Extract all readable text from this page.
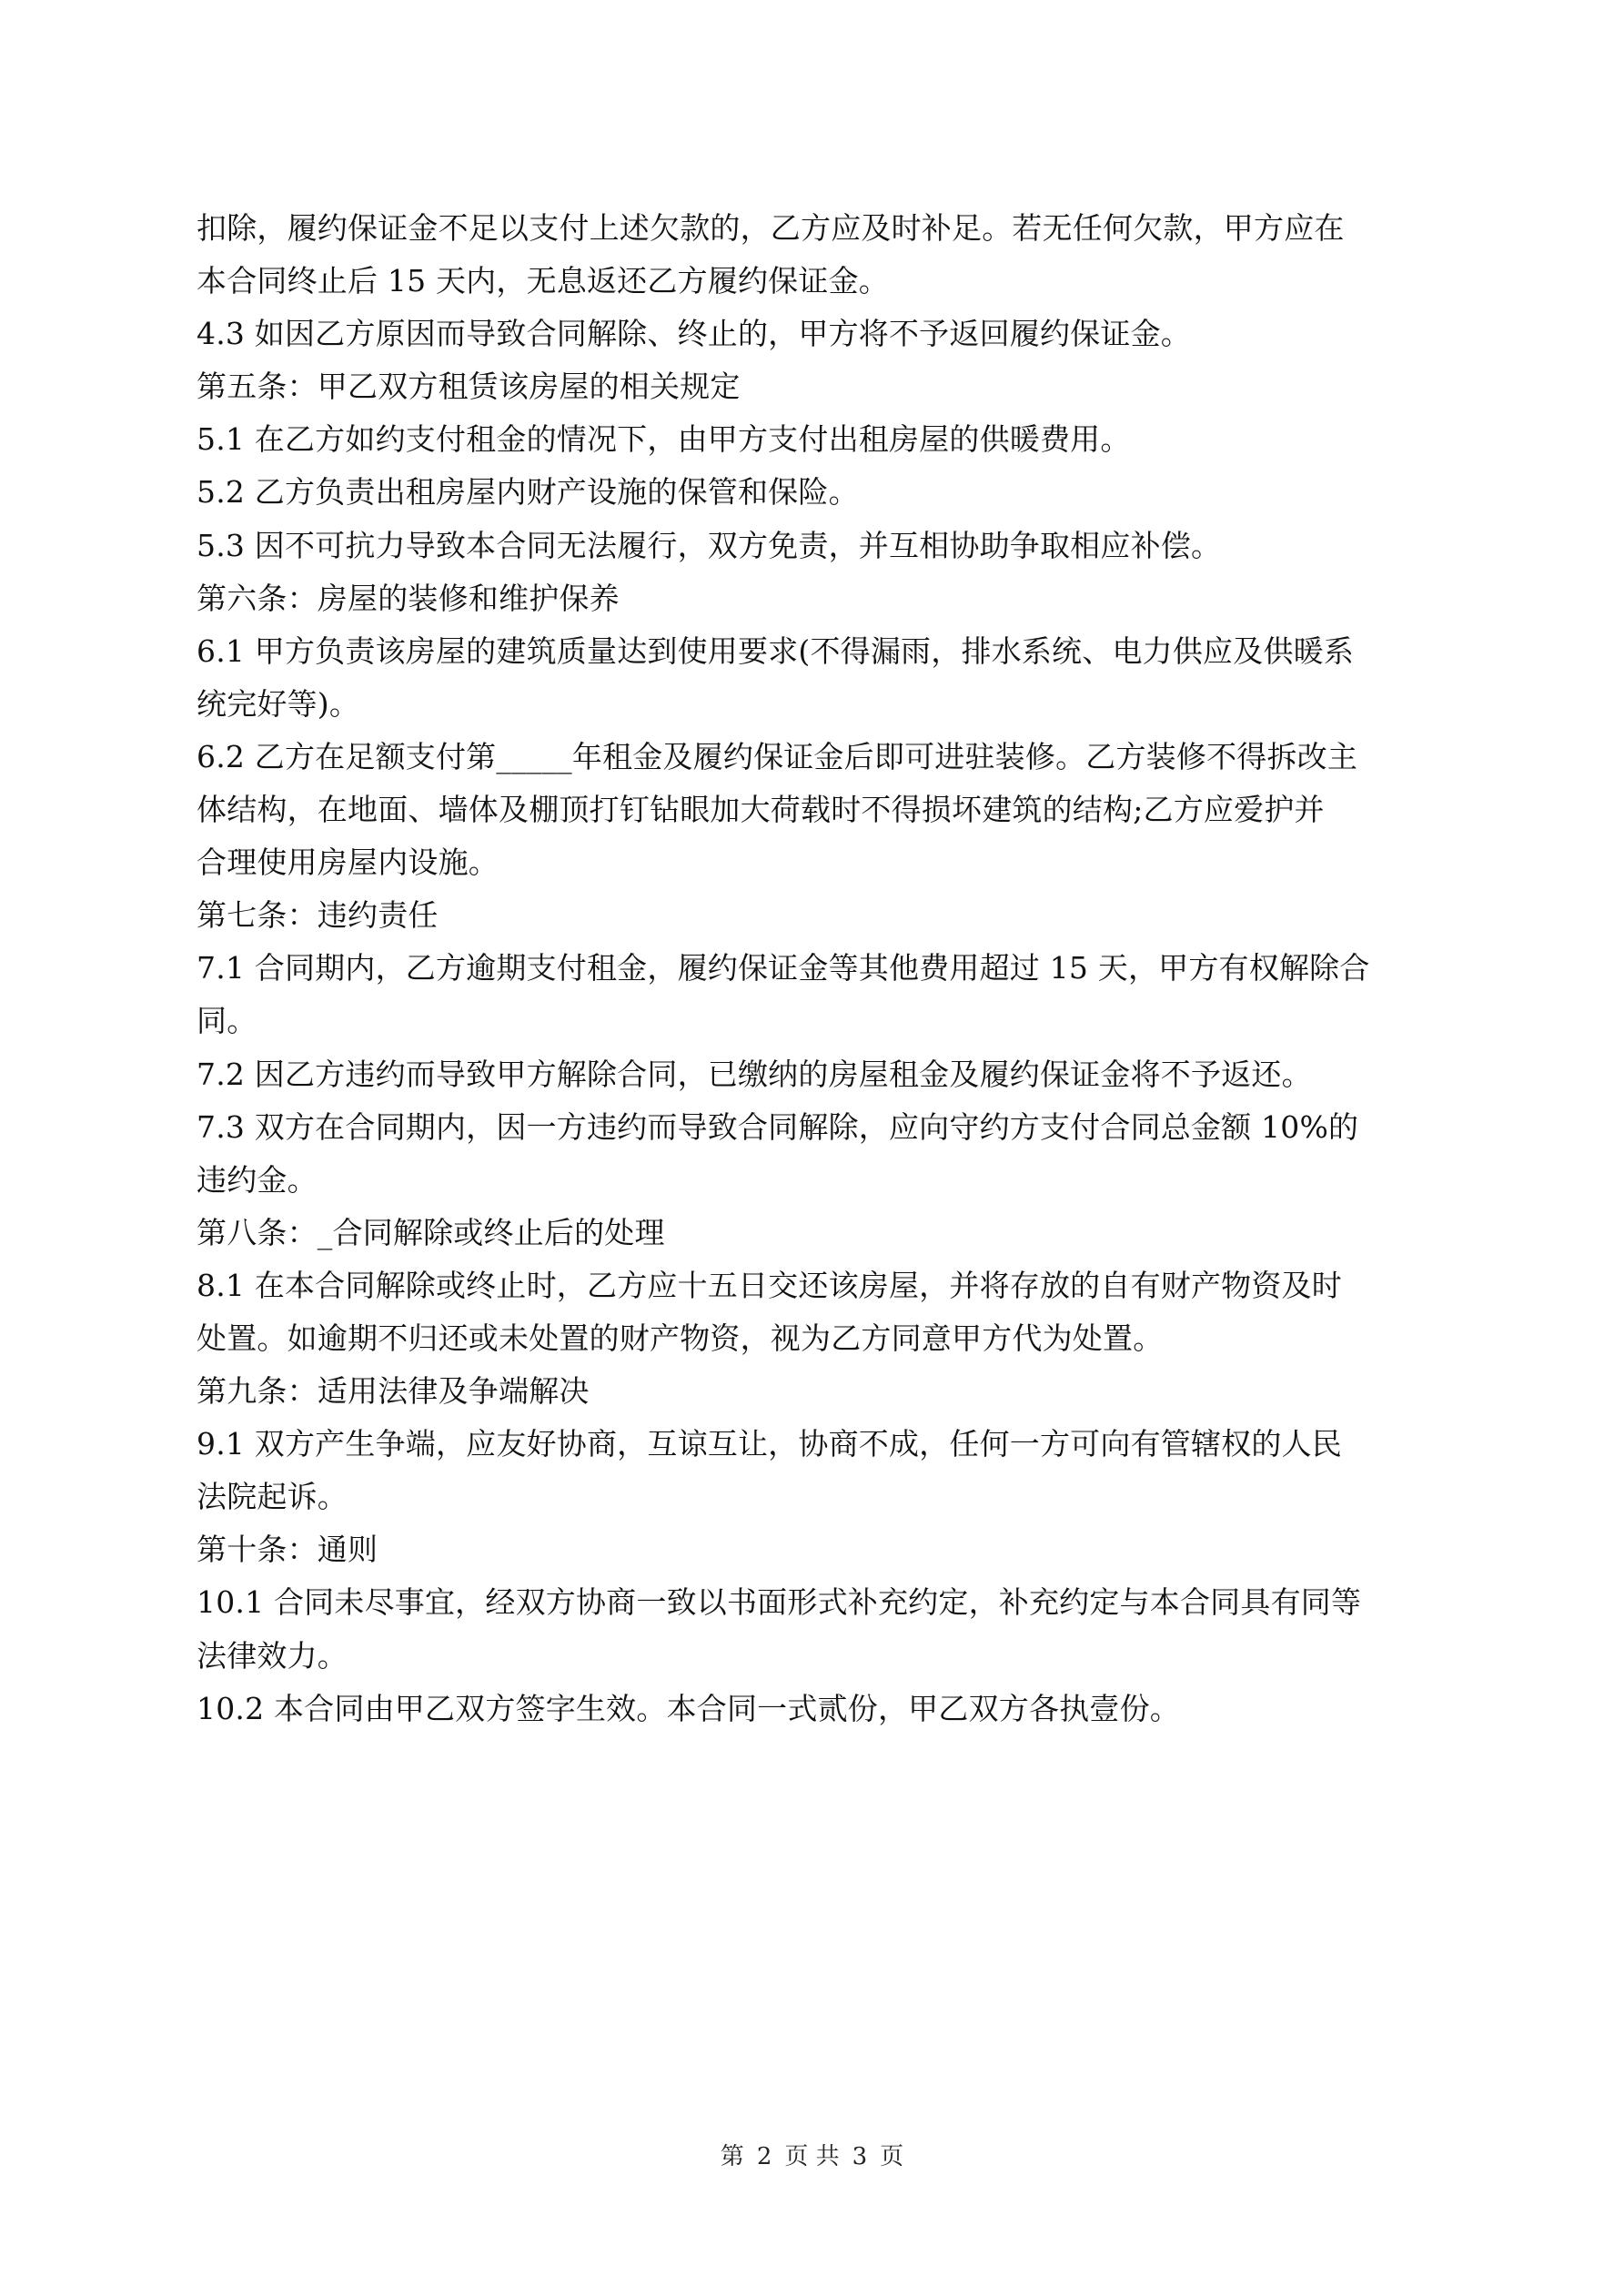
扣除，履约保证金不足以支付上述欠款的，乙方应及时补足。若无任何欠款，甲方应在
本合同终止后 15 天内，无息返还乙方履约保证金。
4.3 如因乙方原因而导致合同解除、终止的，甲方将不予返回履约保证金。
第五条：甲乙双方租赁该房屋的相关规定
5.1 在乙方如约支付租金的情况下，由甲方支付出租房屋的供暖费用。
5.2 乙方负责出租房屋内财产设施的保管和保险。
5.3 因不可抗力导致本合同无法履行，双方免责，并互相协助争取相应补偿。
第六条：房屋的装修和维护保养
6.1 甲方负责该房屋的建筑质量达到使用要求(不得漏雨，排水系统、电力供应及供暖系
统完好等)。
6.2 乙方在足额支付第_____年租金及履约保证金后即可进驻装修。乙方装修不得拆改主
体结构，在地面、墙体及棚顶打钉钻眼加大荷载时不得损坏建筑的结构;乙方应爱护并
合理使用房屋内设施。
第七条：违约责任
7.1 合同期内，乙方逾期支付租金，履约保证金等其他费用超过 15 天，甲方有权解除合
同。
7.2 因乙方违约而导致甲方解除合同，已缴纳的房屋租金及履约保证金将不予返还。
7.3 双方在合同期内，因一方违约而导致合同解除，应向守约方支付合同总金额 10%的
违约金。
第八条：_合同解除或终止后的处理
8.1 在本合同解除或终止时，乙方应十五日交还该房屋，并将存放的自有财产物资及时
处置。如逾期不归还或未处置的财产物资，视为乙方同意甲方代为处置。
第九条：适用法律及争端解决
9.1 双方产生争端，应友好协商，互谅互让，协商不成，任何一方可向有管辖权的人民
法院起诉。
第十条：通则
10.1 合同未尽事宜，经双方协商一致以书面形式补充约定，补充约定与本合同具有同等
法律效力。
10.2 本合同由甲乙双方签字生效。本合同一式贰份，甲乙双方各执壹份。
第 2 页 共 3 页
